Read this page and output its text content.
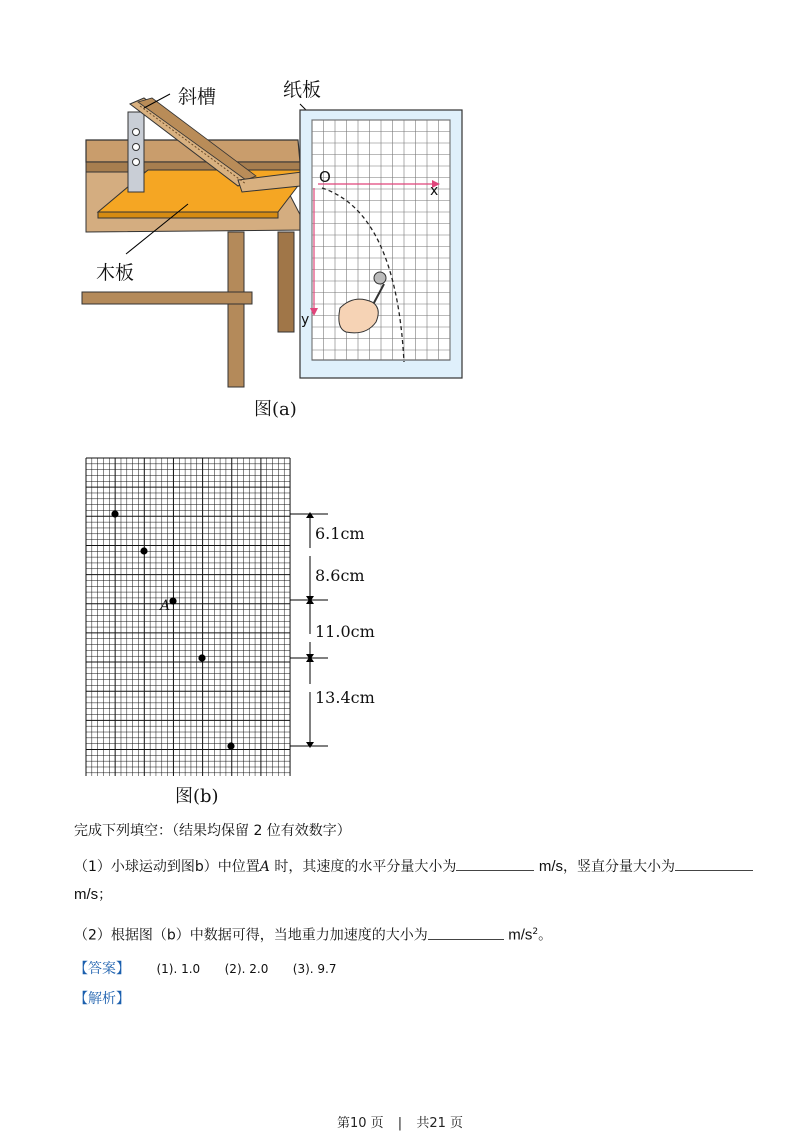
斜槽	纸板
木板
O
x
y
图(a)
A
6.1cm
8.6cm
11.0cm
13.4cm
图(b)
完成下列填空：（结果均保留 2 位有效数字）
（1）小球运动到图b）中位置A 时，其速度的水平分量大小为	m/s，竖直分量大小为
m/s；
（2）根据图（b）中数据可得，当地重力加速度的大小为	$m/s^2$。
【答案】 (1). 1.0 (2). 2.0 (3). 9.7
【解析】
第10 页 | 共21 页
